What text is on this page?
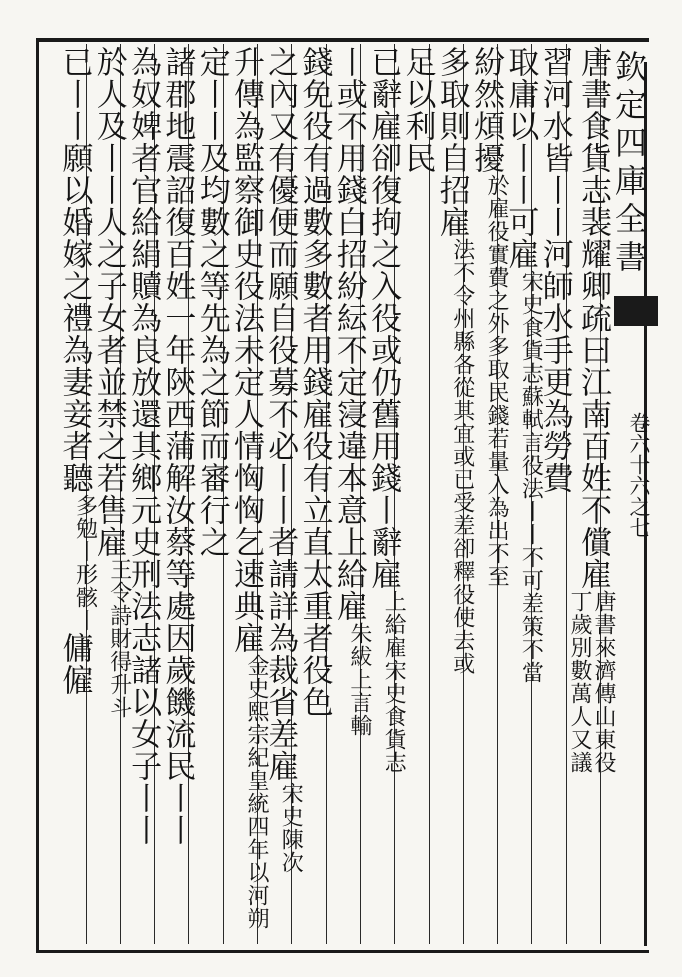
欽定四庫全書
卷六十六之七
唐書食貨志裴耀卿疏曰江南百姓不償雇
唐書來濟傳山東役
丁歲別數萬人又議
習河水皆丨丨河師水手更為勞費
取庸以丨丨可雇
宋史食貨志蘇軾言役法丨丨不可差策不當
紛然煩擾
於雇役實費之外多取民錢若量入為出不至
多取則自招雇
法不令州縣各從其宜或已受差卻釋役使去或
足以利民
已辭雇卻復拘之入役或仍舊用錢丨辭雇
上給雇宋史食貨志
丨或不用錢白招紛紜不定寖違本意上給雇
朱紱上言輸
錢免役有過數多數者用錢雇役有立直太重者役色
之內又有優便而願自役募不必丨丨者請詳為裁省差雇
宋史陳次
升傳為監察御史役法未定人情恟恟乞速典雇
金史熙宗紀皇統四年以河朔
定丨丨及均數之等先為之節而審行之
諸郡地震詔復百姓一年陝西蒲解汝蔡等處因歲饑流民丨丨
為奴婢者官給絹贖為良放還其鄉元史刑法志諸以女子丨丨
於人及丨丨人之子女者並禁之若售雇
王令詩財得升斗
已丨丨願以婚嫁之禮為妻妾者聽
多勉丨形骸丨
傭僱
